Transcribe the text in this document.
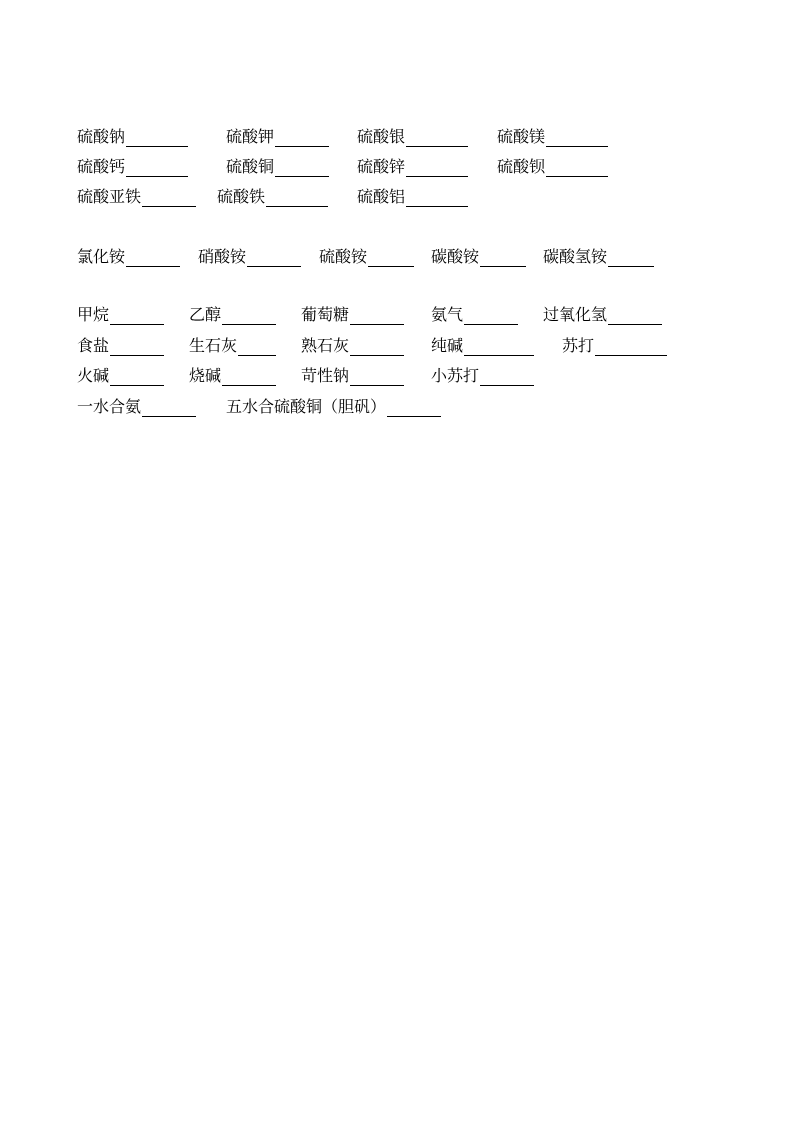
硫酸钠	硫酸钾	硫酸银	硫酸镁
硫酸钙	硫酸铜	硫酸锌	硫酸钡
硫酸亚铁	硫酸铁	硫酸铝
氯化铵	硝酸铵	硫酸铵	碳酸铵	碳酸氢铵
甲烷	乙醇	葡萄糖	氨气	过氧化氢
食盐	生石灰	熟石灰	纯碱	苏打
火碱	烧碱	苛性钠	小苏打
一水合氨	五水合硫酸铜（胆矾）
